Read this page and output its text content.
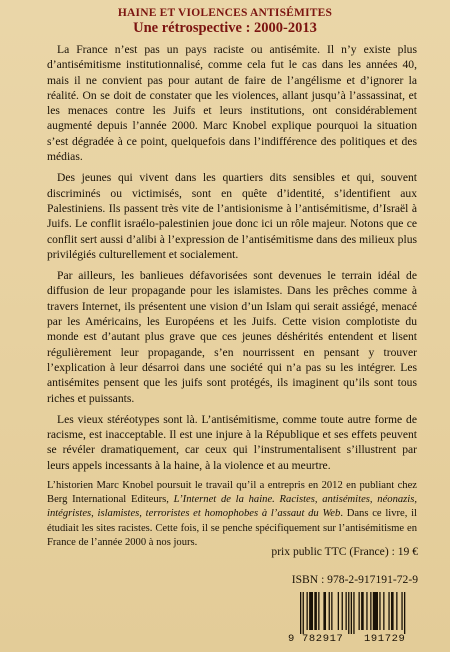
HAINE ET VIOLENCES ANTISÉMITES
Une rétrospective : 2000-2013

La France n’est pas un pays raciste ou antisémite. Il n’y existe plus d’antisémitisme institutionnalisé, comme cela fut le cas dans les années 40, mais il ne convient pas pour autant de faire de l’angélisme et d’ignorer la réalité. On se doit de constater que les violences, allant jusqu’à l’assassinat, et les menaces contre les Juifs et leurs institutions, ont considérablement augmenté depuis l’année 2000. Marc Knobel explique pourquoi la situation s’est dégradée à ce point, quelquefois dans l’indifférence des politiques et des médias.

Des jeunes qui vivent dans les quartiers dits sensibles et qui, souvent discriminés ou victimisés, sont en quête d’identité, s’identifient aux Palestiniens. Ils passent très vite de l’antisionisme à l’antisémitisme, d’Israël à Juifs. Le conflit israélo-palestinien joue donc ici un rôle majeur. Notons que ce conflit sert aussi d’alibi à l’expression de l’antisémitisme dans des milieux plus privilégiés culturellement et socialement.

Par ailleurs, les banlieues défavorisées sont devenues le terrain idéal de diffusion de leur propagande pour les islamistes. Dans les prêches comme à travers Internet, ils présentent une vision d’un Islam qui serait assiégé, menacé par les Américains, les Européens et les Juifs. Cette vision complotiste du monde est d’autant plus grave que ces jeunes déshérités entendent et lisent régulièrement leur propagande, s’en nourrissent en pensant y trouver l’explication à leur désarroi dans une société qui n’a pas su les intégrer. Les antisémites pensent que les juifs sont protégés, ils imaginent qu’ils sont tous riches et puissants.

Les vieux stéréotypes sont là. L’antisémitisme, comme toute autre forme de racisme, est inacceptable. Il est une injure à la République et ses effets peuvent se révéler dramatiquement, car ceux qui l’instrumentalisent s’illustrent par leurs appels incessants à la haine, à la violence et au meurtre.

L’historien Marc Knobel poursuit le travail qu’il a entrepris en 2012 en publiant chez Berg International Editeurs, L’Internet de la haine. Racistes, antisémites, néonazis, intégristes, islamistes, terroristes et homophobes à l’assaut du Web. Dans ce livre, il étudiait les sites racistes. Cette fois, il se penche spécifiquement sur l’antisémitisme en France de l’année 2000 à nos jours.

prix public TTC (France) : 19 €
ISBN : 978-2-917191-72-9
9 782917 191729
